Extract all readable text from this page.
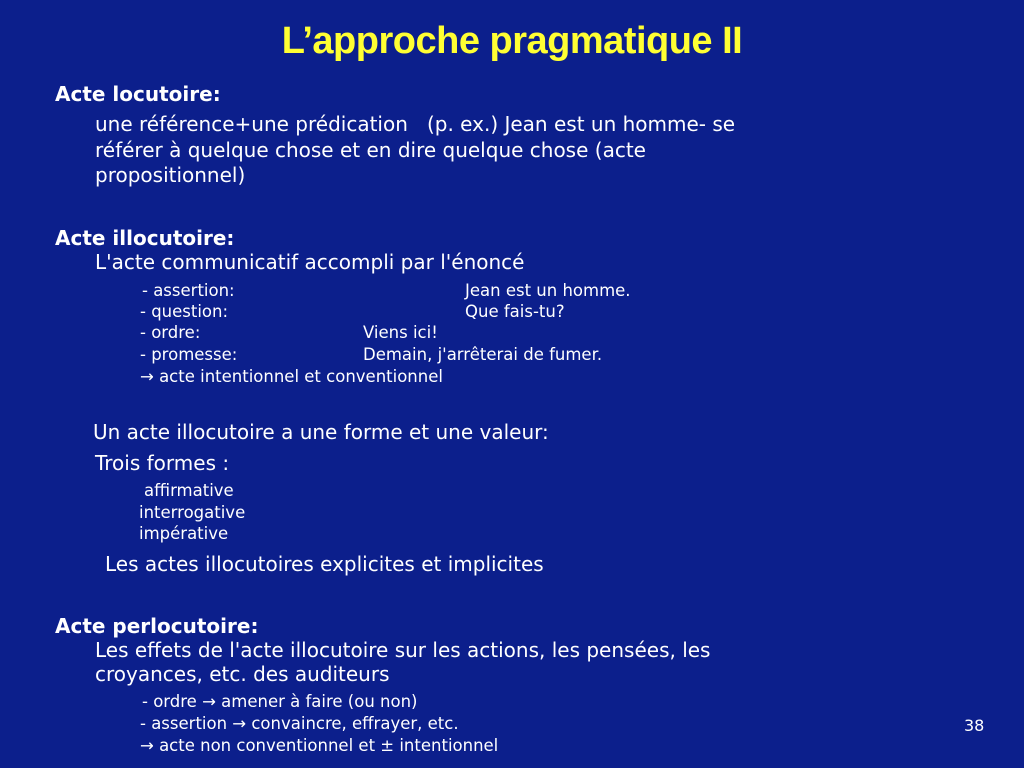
L’approche pragmatique II
Acte locutoire:
une référence+une prédication   (p. ex.) Jean est un homme- se
référer à quelque chose et en dire quelque chose (acte
propositionnel)
Acte illocutoire:
L'acte communicatif accompli par l'énoncé
- assertion:	Jean est un homme.
- question:	Que fais-tu?
- ordre:	Viens ici!
- promesse:	Demain, j'arrêterai de fumer.
→ acte intentionnel et conventionnel
Un acte illocutoire a une forme et une valeur:
Trois formes :
affirmative
interrogative
impérative
Les actes illocutoires explicites et implicites
Acte perlocutoire:
Les effets de l'acte illocutoire sur les actions, les pensées, les
croyances, etc. des auditeurs
- ordre → amener à faire (ou non)
- assertion → convaincre, effrayer, etc.
→ acte non conventionnel et ± intentionnel
38
